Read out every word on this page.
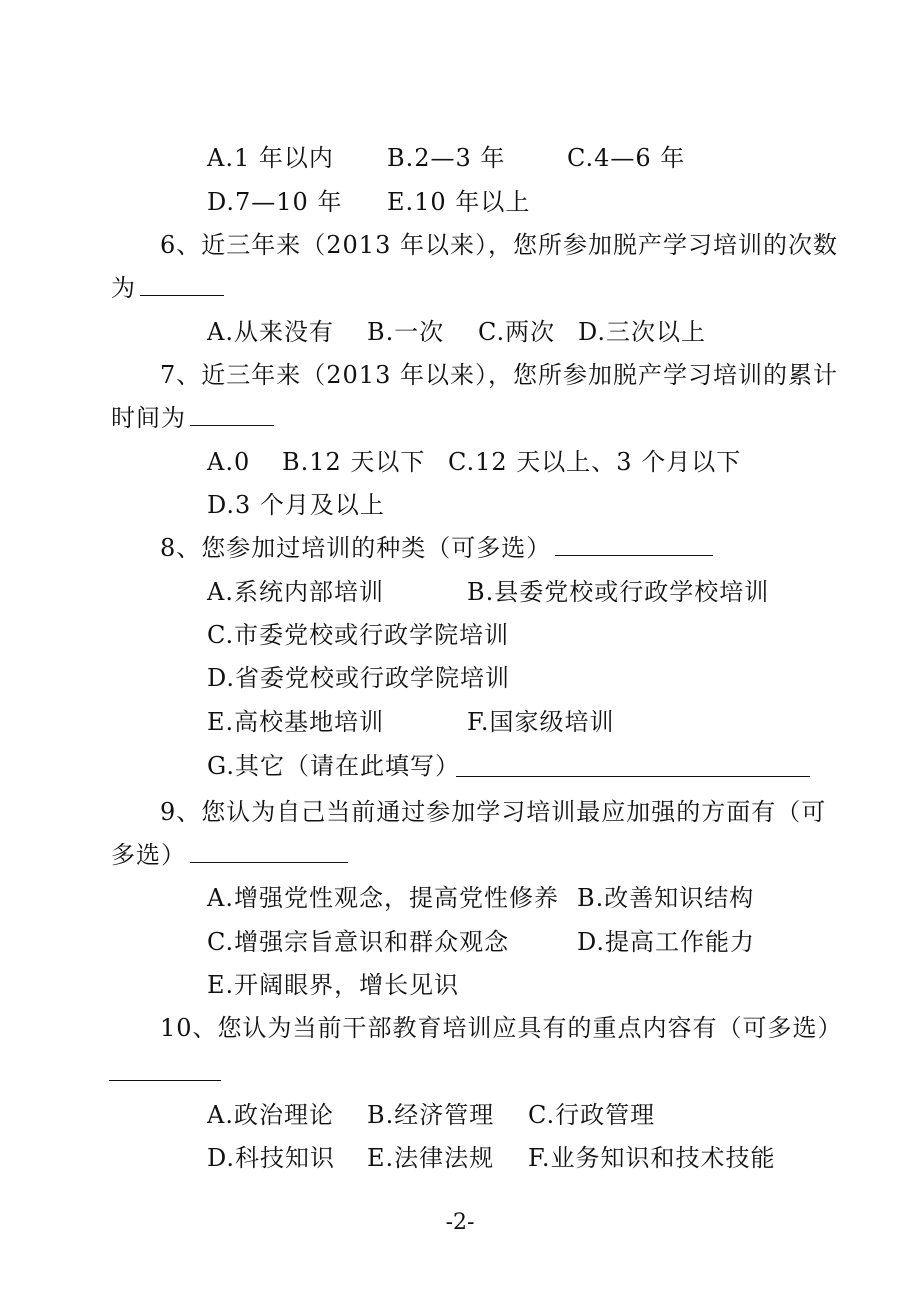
A.1 年以内 B.2—3 年	C.4—6 年
D.7—10 年 E.10 年以上
6、近三年来（2013 年以来），您所参加脱产学习培训的次数
为
A.从来没有 B.一次 C.两次 D.三次以上
7、近三年来（2013 年以来），您所参加脱产学习培训的累计
时间为
A.0 B.12 天以下 C.12 天以上、3 个月以下
D.3 个月及以上
8、您参加过培训的种类（可多选）
A.系统内部培训	B.县委党校或行政学校培训
C.市委党校或行政学院培训
D.省委党校或行政学院培训
E.高校基地培训	F.国家级培训
G.其它（请在此填写）
9、您认为自己当前通过参加学习培训最应加强的方面有（可
多选）
A.增强党性观念，提高党性修养 B.改善知识结构
C.增强宗旨意识和群众观念	D.提高工作能力
E.开阔眼界，增长见识
10、您认为当前干部教育培训应具有的重点内容有（可多选）
A.政治理论 B.经济管理 C.行政管理
D.科技知识 E.法律法规 F.业务知识和技术技能
-2-
